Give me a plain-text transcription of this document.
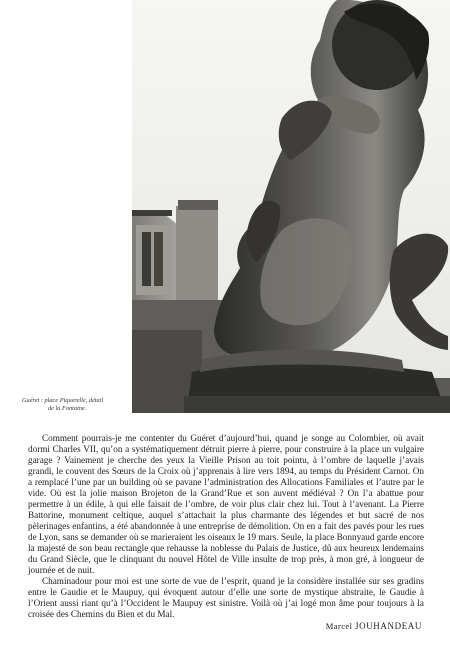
Guéret : place Piquerelle, détail
de la Fontaine.

Comment pourrais-je me contenter du Guéret d’aujourd’hui, quand je songe au Colombier, où avait dormi Charles VII, qu’on a systématiquement détruit pierre à pierre, pour construire à la place un vulgaire garage ? Vainement je cherche des yeux la Vieille Prison au toit pointu, à l’ombre de laquelle j’avais grandi, le couvent des Sœurs de la Croix où j’apprenais à lire vers 1894, au temps du Président Carnot. On a remplacé l’une par un building où se pavane l’administration des Allocations Familiales et l’autre par le vide. Où est la jolie maison Brojeton de la Grand’Rue et son auvent médiéval ? On l’a abattue pour permettre à un édile, à qui elle faisait de l’ombre, de voir plus clair chez lui. Tout à l’avenant. La Pierre Battorine, monument celtique, auquel s’attachait la plus charmante des légendes et but sacré de nos pèlerinages enfantins, a été abandonnée à une entreprise de démolition. On en a fait des pavés pour les rues de Lyon, sans se demander où se marieraient les oiseaux le 19 mars. Seule, la place Bonnyaud garde encore la majesté de son beau rectangle que rehausse la noblesse du Palais de Justice, dû aux heureux lendemains du Grand Siècle, que le clinquant du nouvel Hôtel de Ville insulte de trop près, à mon gré, à longueur de journée et de nuit.

Chaminadour pour moi est une sorte de vue de l’esprit, quand je la considère installée sur ses gradins entre le Gaudie et le Maupuy, qui évoquent autour d’elle une sorte de mystique abstraite, le Gaudie à l’Orient aussi riant qu’à l’Occident le Maupuy est sinistre. Voilà où j’ai logé mon âme pour toujours à la croisée des Chemins du Bien et du Mal.

Marcel JOUHANDEAU
